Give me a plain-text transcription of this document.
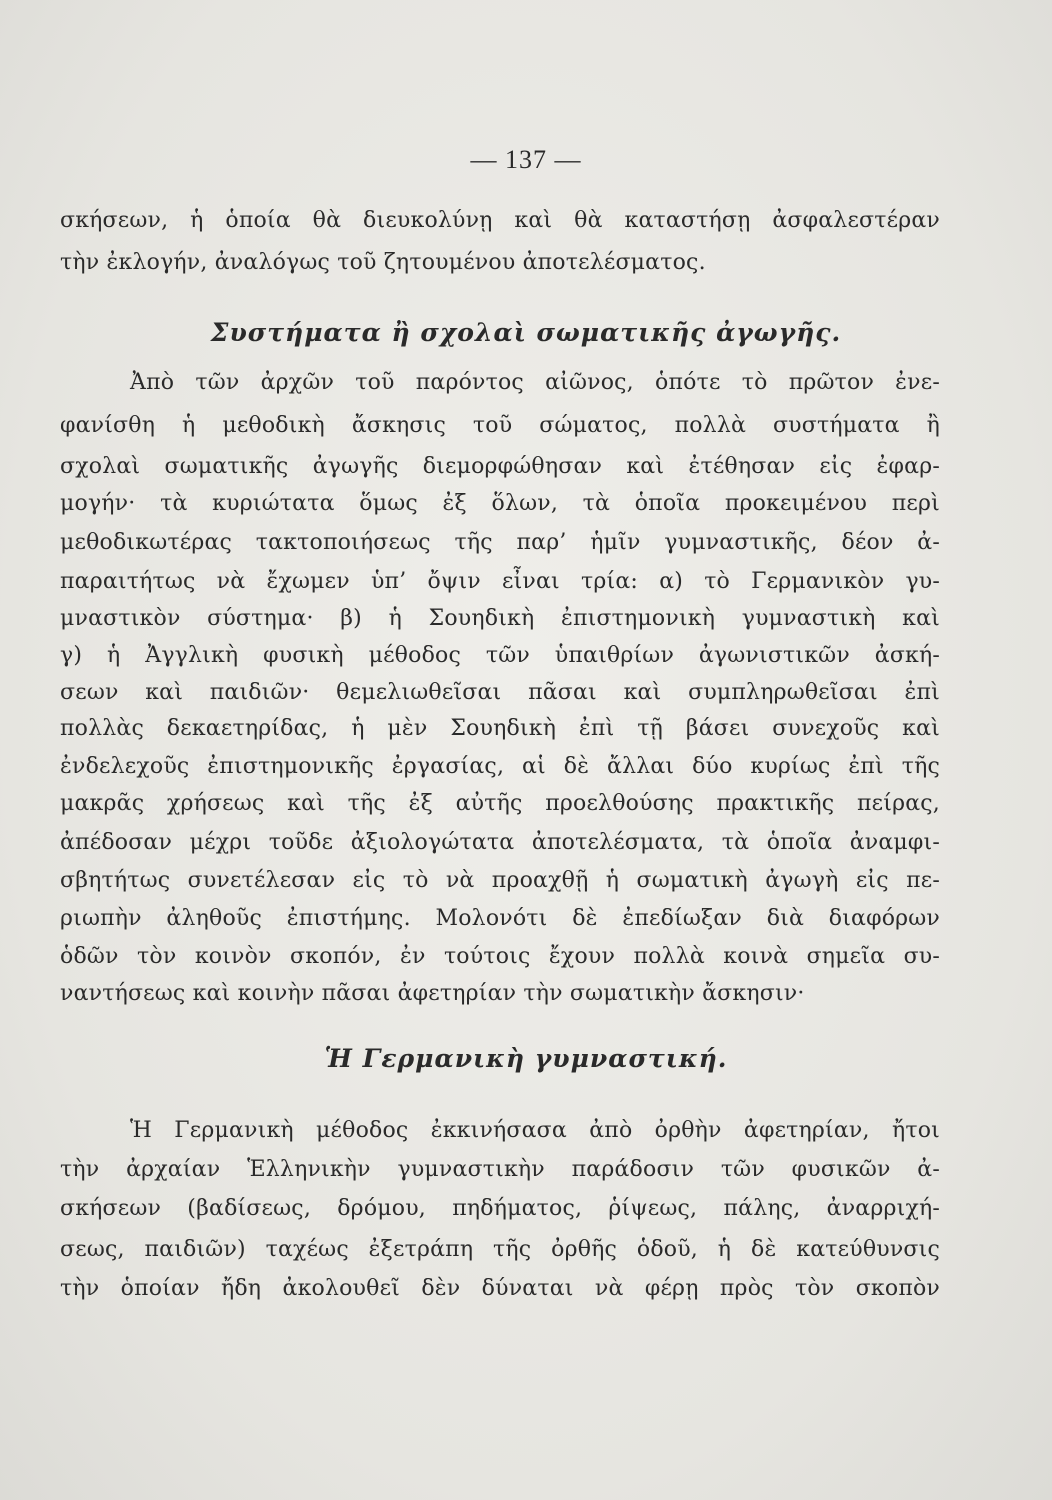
— 137 —
σκήσεων, ἡ ὁποία θὰ διευκολύνῃ καὶ θὰ καταστήσῃ ἀσφαλεστέραν
τὴν ἐκλογήν, ἀναλόγως τοῦ ζητουμένου ἀποτελέσματος.
Συστήματα ἢ σχολαὶ σωματικῆς ἀγωγῆς.
Ἀπὸ τῶν ἀρχῶν τοῦ παρόντος αἰῶνος, ὁπότε τὸ πρῶτον ἐνε-
φανίσθη ἡ μεθοδικὴ ἄσκησις τοῦ σώματος, πολλὰ συστήματα ἢ
σχολαὶ σωματικῆς ἀγωγῆς διεμορφώθησαν καὶ ἐτέθησαν εἰς ἐφαρ-
μογήν· τὰ κυριώτατα ὅμως ἐξ ὅλων, τὰ ὁποῖα προκειμένου περὶ
μεθοδικωτέρας τακτοποιήσεως τῆς παρ’ ἡμῖν γυμναστικῆς, δέον ἀ-
παραιτήτως νὰ ἔχωμεν ὑπ’ ὄψιν εἶναι τρία: α) τὸ Γερμανικὸν γυ-
μναστικὸν σύστημα· β) ἡ Σουηδικὴ ἐπιστημονικὴ γυμναστικὴ καὶ
γ) ἡ Ἀγγλικὴ φυσικὴ μέθοδος τῶν ὑπαιθρίων ἀγωνιστικῶν ἀσκή-
σεων καὶ παιδιῶν· θεμελιωθεῖσαι πᾶσαι καὶ συμπληρωθεῖσαι ἐπὶ
πολλὰς δεκαετηρίδας, ἡ μὲν Σουηδικὴ ἐπὶ τῇ βάσει συνεχοῦς καὶ
ἐνδελεχοῦς ἐπιστημονικῆς ἐργασίας, αἱ δὲ ἄλλαι δύο κυρίως ἐπὶ τῆς
μακρᾶς χρήσεως καὶ τῆς ἐξ αὐτῆς προελθούσης πρακτικῆς πείρας,
ἀπέδοσαν μέχρι τοῦδε ἀξιολογώτατα ἀποτελέσματα, τὰ ὁποῖα ἀναμφι-
σβητήτως συνετέλεσαν εἰς τὸ νὰ προαχθῇ ἡ σωματικὴ ἀγωγὴ εἰς πε-
ριωπὴν ἀληθοῦς ἐπιστήμης. Μολονότι δὲ ἐπεδίωξαν διὰ διαφόρων
ὁδῶν τὸν κοινὸν σκοπόν, ἐν τούτοις ἔχουν πολλὰ κοινὰ σημεῖα συ-
ναντήσεως καὶ κοινὴν πᾶσαι ἀφετηρίαν τὴν σωματικὴν ἄσκησιν·
Ἡ Γερμανικὴ γυμναστική.
Ἡ Γερμανικὴ μέθοδος ἐκκινήσασα ἀπὸ ὀρθὴν ἀφετηρίαν, ἤτοι
τὴν ἀρχαίαν Ἑλληνικὴν γυμναστικὴν παράδοσιν τῶν φυσικῶν ἀ-
σκήσεων (βαδίσεως, δρόμου, πηδήματος, ῥίψεως, πάλης, ἀναρριχή-
σεως, παιδιῶν) ταχέως ἐξετράπη τῆς ὀρθῆς ὁδοῦ, ἡ δὲ κατεύθυνσις
τὴν ὁποίαν ἤδη ἀκολουθεῖ δὲν δύναται νὰ φέρῃ πρὸς τὸν σκοπὸν
